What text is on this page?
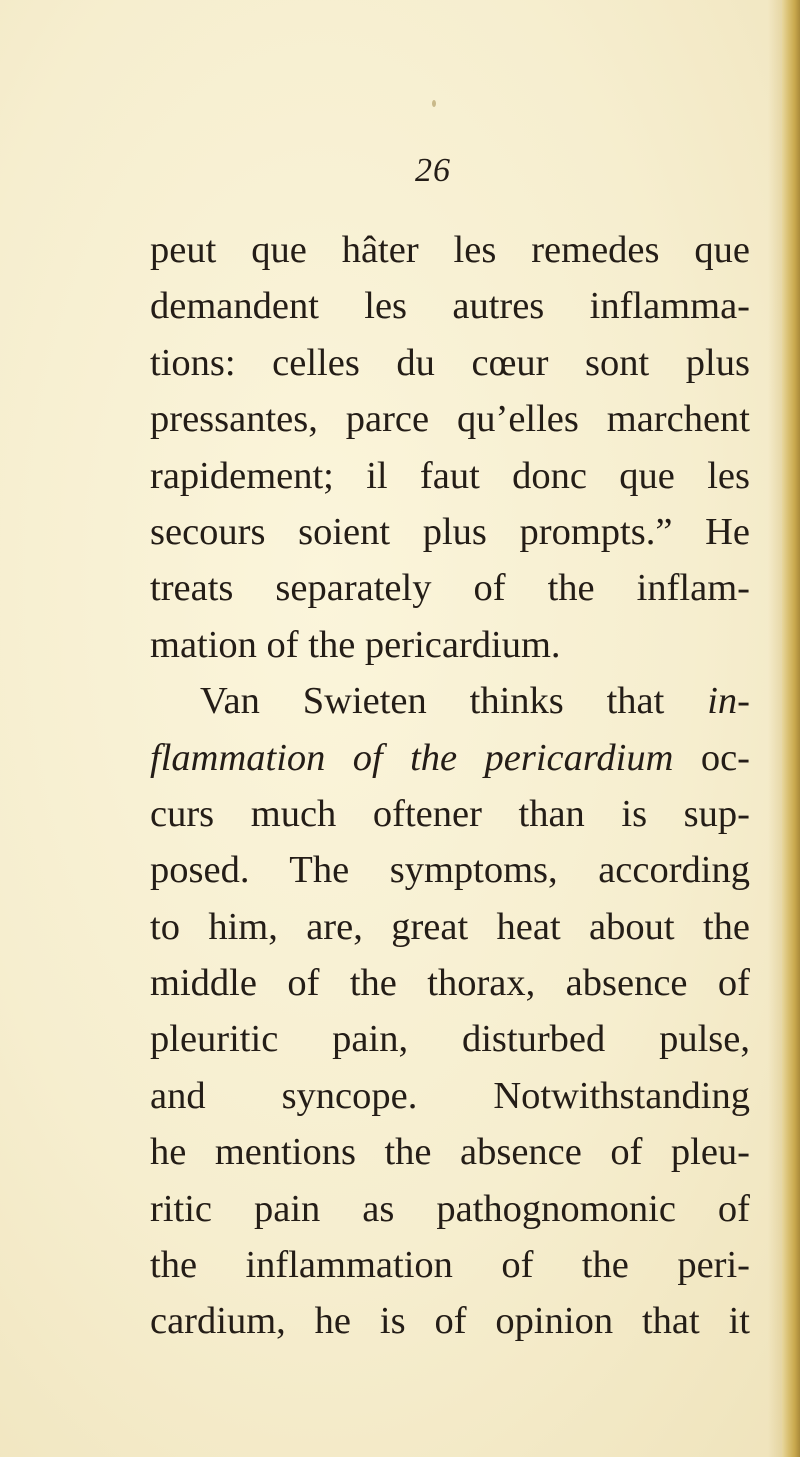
26
peut que hâter les remedes que
demandent les autres inflamma-
tions: celles du cœur sont plus
pressantes, parce qu’elles marchent
rapidement; il faut donc que les
secours soient plus prompts.” He
treats separately of the inflam-
mation of the pericardium.
Van Swieten thinks that in-
flammation of the pericardium oc-
curs much oftener than is sup-
posed. The symptoms, according
to him, are, great heat about the
middle of the thorax, absence of
pleuritic pain, disturbed pulse,
and syncope. Notwithstanding
he mentions the absence of pleu-
ritic pain as pathognomonic of
the inflammation of the peri-
cardium, he is of opinion that it
